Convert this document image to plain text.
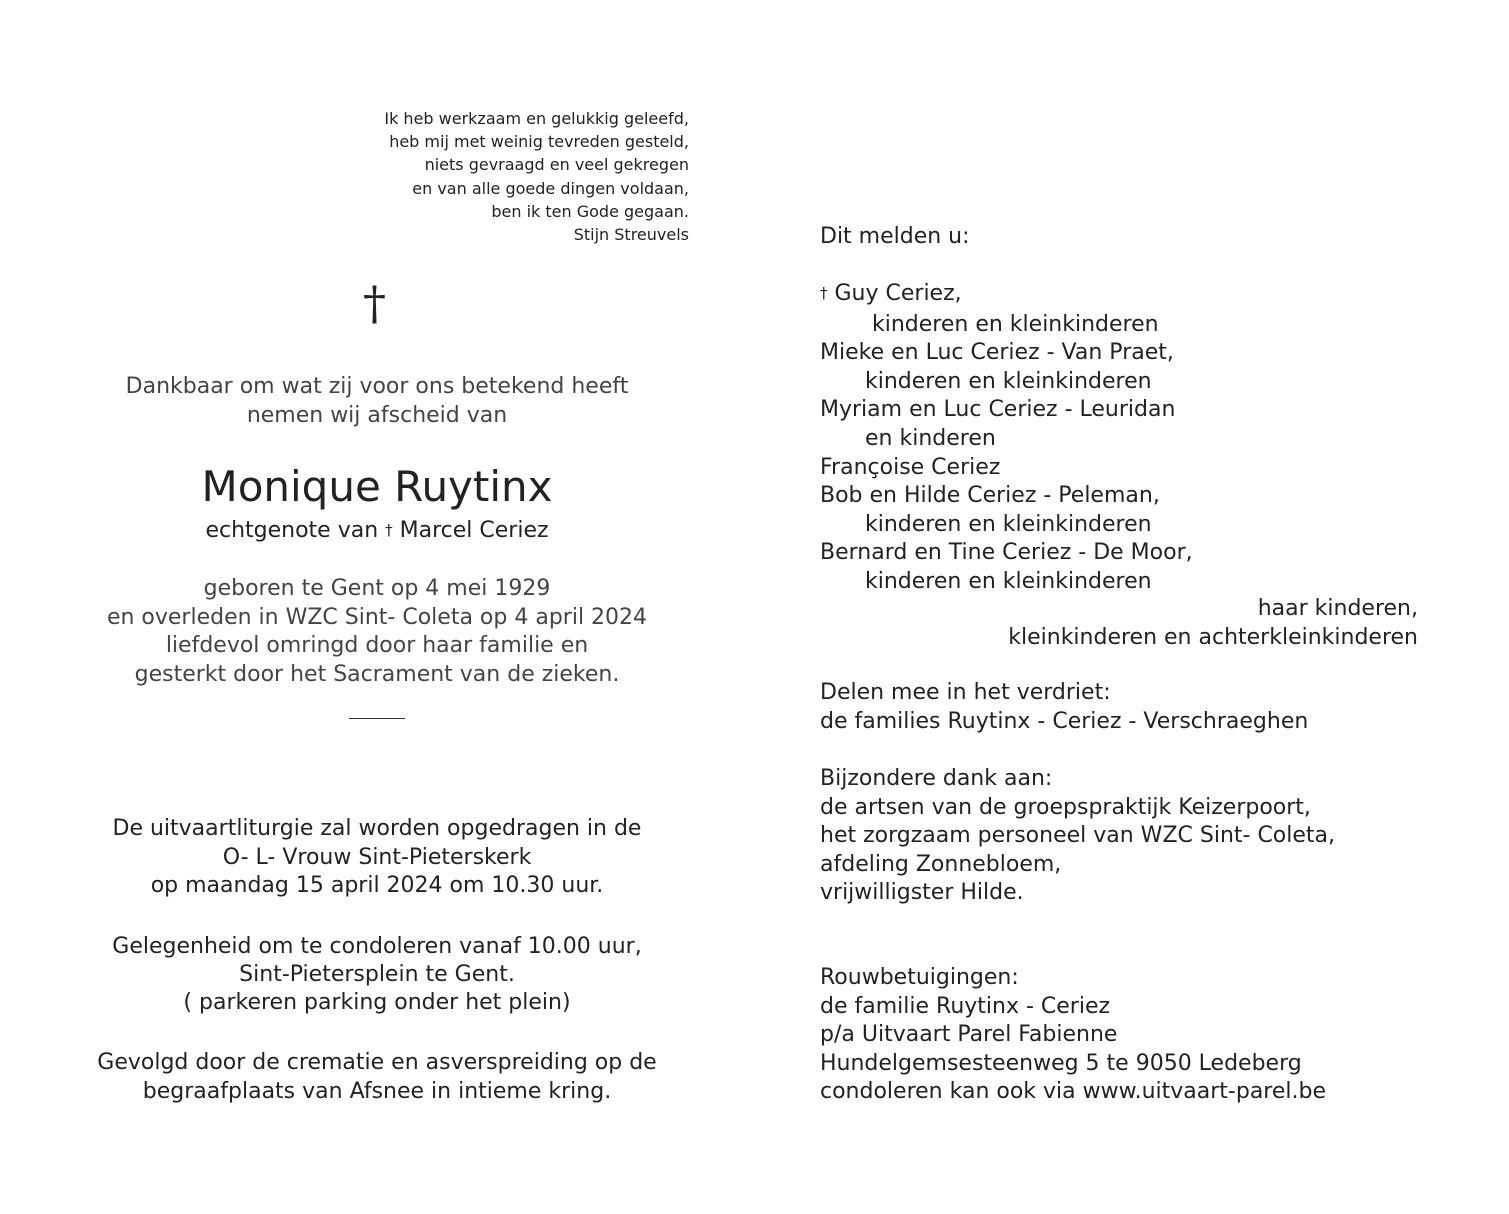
Ik heb werkzaam en gelukkig geleefd,
heb mij met weinig tevreden gesteld,
niets gevraagd en veel gekregen
en van alle goede dingen voldaan,
ben ik ten Gode gegaan.
Stijn Streuvels
†
Dankbaar om wat zij voor ons betekend heeft
nemen wij afscheid van
Monique Ruytinx
echtgenote van † Marcel Ceriez
geboren te Gent op 4 mei 1929
en overleden in WZC Sint- Coleta op 4 april 2024
liefdevol omringd door haar familie en
gesterkt door het Sacrament van de zieken.
De uitvaartliturgie zal worden opgedragen in de
O- L- Vrouw Sint-Pieterskerk
op maandag 15 april 2024 om 10.30 uur.
Gelegenheid om te condoleren vanaf 10.00 uur,
Sint-Pietersplein te Gent.
( parkeren parking onder het plein)
Gevolgd door de crematie en asverspreiding op de
begraafplaats van Afsnee in intieme kring.
Dit melden u:
† Guy Ceriez,
kinderen en kleinkinderen
Mieke en Luc Ceriez - Van Praet,
kinderen en kleinkinderen
Myriam en Luc Ceriez - Leuridan
en kinderen
Françoise Ceriez
Bob en Hilde Ceriez - Peleman,
kinderen en kleinkinderen
Bernard en Tine Ceriez - De Moor,
kinderen en kleinkinderen
haar kinderen,
kleinkinderen en achterkleinkinderen
Delen mee in het verdriet:
de families Ruytinx - Ceriez - Verschraeghen
Bijzondere dank aan:
de artsen van de groepspraktijk Keizerpoort,
het zorgzaam personeel van WZC Sint- Coleta,
afdeling Zonnebloem,
vrijwilligster Hilde.
Rouwbetuigingen:
de familie Ruytinx - Ceriez
p/a Uitvaart Parel Fabienne
Hundelgemsesteenweg 5 te 9050 Ledeberg
condoleren kan ook via www.uitvaart-parel.be
